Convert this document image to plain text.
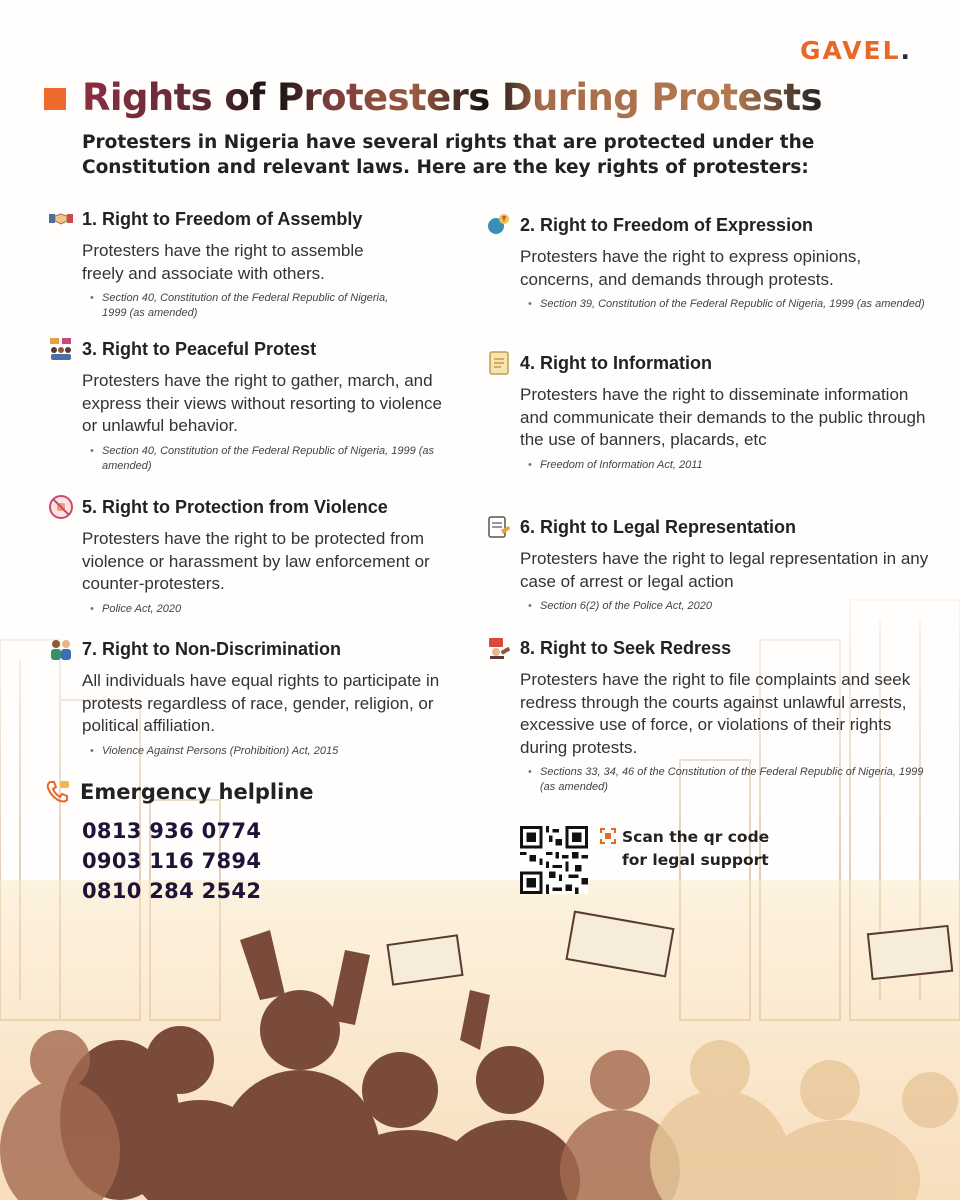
GAVEL.
Rights of Protesters During Protests

Protesters in Nigeria have several rights that are protected under the Constitution and relevant laws. Here are the key rights of protesters:

1. Right to Freedom of Assembly

Protesters have the right to assemble freely and associate with others.

• Section 40, Constitution of the Federal Republic of Nigeria, 1999 (as amended)
2. Right to Freedom of Expression

Protesters have the right to express opinions, concerns, and demands through protests.

• Section 39, Constitution of the Federal Republic of Nigeria, 1999 (as amended)
3. Right to Peaceful Protest

Protesters have the right to gather, march, and express their views without resorting to violence or unlawful behavior.

• Section 40, Constitution of the Federal Republic of Nigeria, 1999 (as amended)
4. Right to Information

Protesters have the right to disseminate information and communicate their demands to the public through the use of banners, placards, etc

• Freedom of Information Act, 2011
5. Right to Protection from Violence

Protesters have the right to be protected from violence or harassment by law enforcement or counter-protesters.

• Police Act, 2020
6. Right to Legal Representation

Protesters have the right to legal representation in any case of arrest or legal action

• Section 6(2) of the Police Act, 2020
7. Right to Non-Discrimination

All individuals have equal rights to participate in protests regardless of race, gender, religion, or political affiliation.

• Violence Against Persons (Prohibition) Act, 2015
8. Right to Seek Redress

Protesters have the right to file complaints and seek redress through the courts against unlawful arrests, excessive use of force, or violations of their rights during protests.

• Sections 33, 34, 46 of the Constitution of the Federal Republic of Nigeria, 1999 (as amended)
Emergency helpline
0813 936 0774
0903 116 7894
0810 284 2542
Scan the qr code
for legal support
